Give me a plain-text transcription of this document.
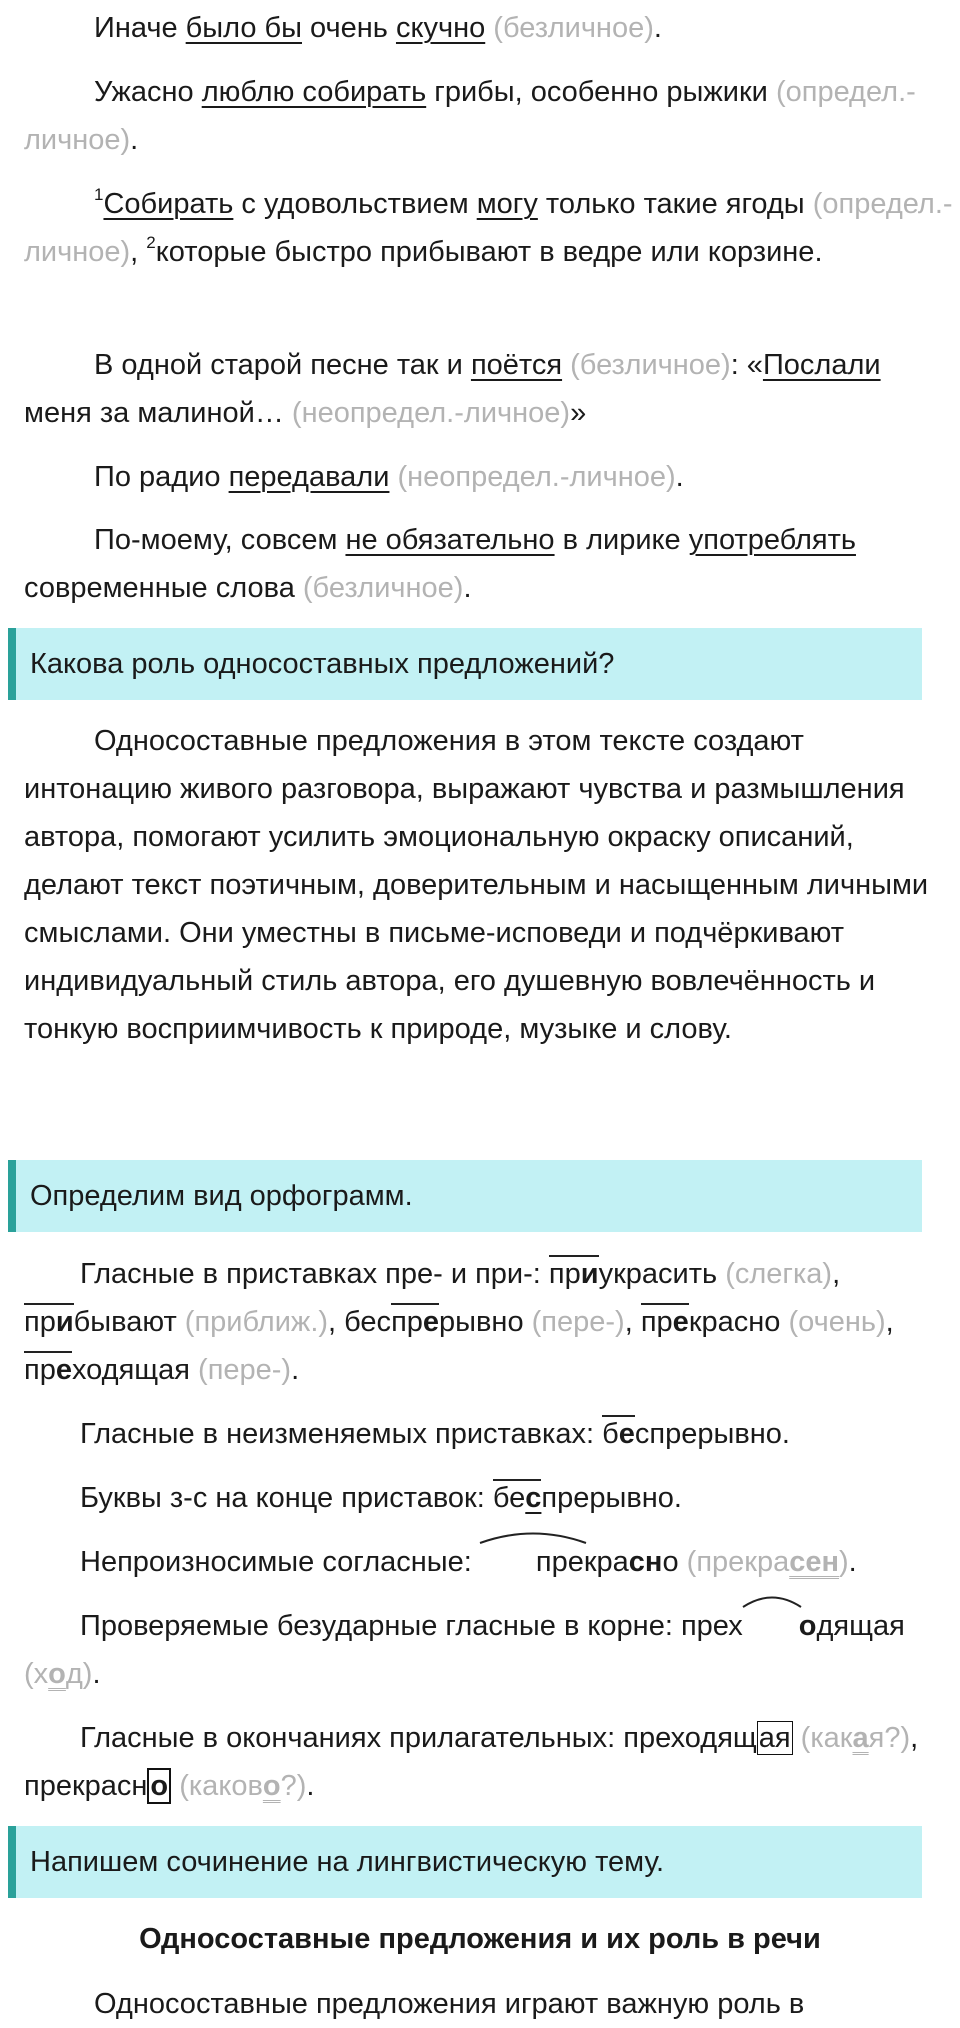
Иначе было бы очень скучно (безличное).

Ужасно люблю собирать грибы, особенно рыжики (определ.-личное).

$^1$Собирать с удовольствием могу только такие ягоды (определ.-личное), $^2$которые быстро прибывают в ведре или корзине.

В одной старой песне так и поётся (безличное): «Послали меня за малиной… (неопредел.-личное)»

По радио передавали (неопредел.-личное).

По-моему, совсем не обязательно в лирике употреблять современные слова (безличное).

Какова роль односоставных предложений?

Односоставные предложения в этом тексте создают интонацию живого разговора, выражают чувства и размышления автора, помогают усилить эмоциональную окраску описаний, делают текст поэтичным, доверительным и насыщенным личными смыслами. Они уместны в письме-исповеди и подчёркивают индивидуальный стиль автора, его душевную вовлечённость и тонкую восприимчивость к природе, музыке и слову.

Определим вид орфограмм.

Гласные в приставках пре- и при-: приукрасить (слегка), прибывают (приближ.), беспрерывно (пере-), прекрасно (очень), преходящая (пере-).

Гласные в неизменяемых приставках: беспрерывно.

Буквы з-с на конце приставок: беспрерывно.

Непроизносимые согласные:
прекрасно (прекрасен).

Проверяемые безударные гласные в корне: прех одящая (ход).

Гласные в окончаниях прилагательных: преходящая (какая?), прекрасн о (каково?).

Напишем сочинение на лингвистическую тему.
Односоставные предложения и их роль в речи

Односоставные предложения играют важную роль в
